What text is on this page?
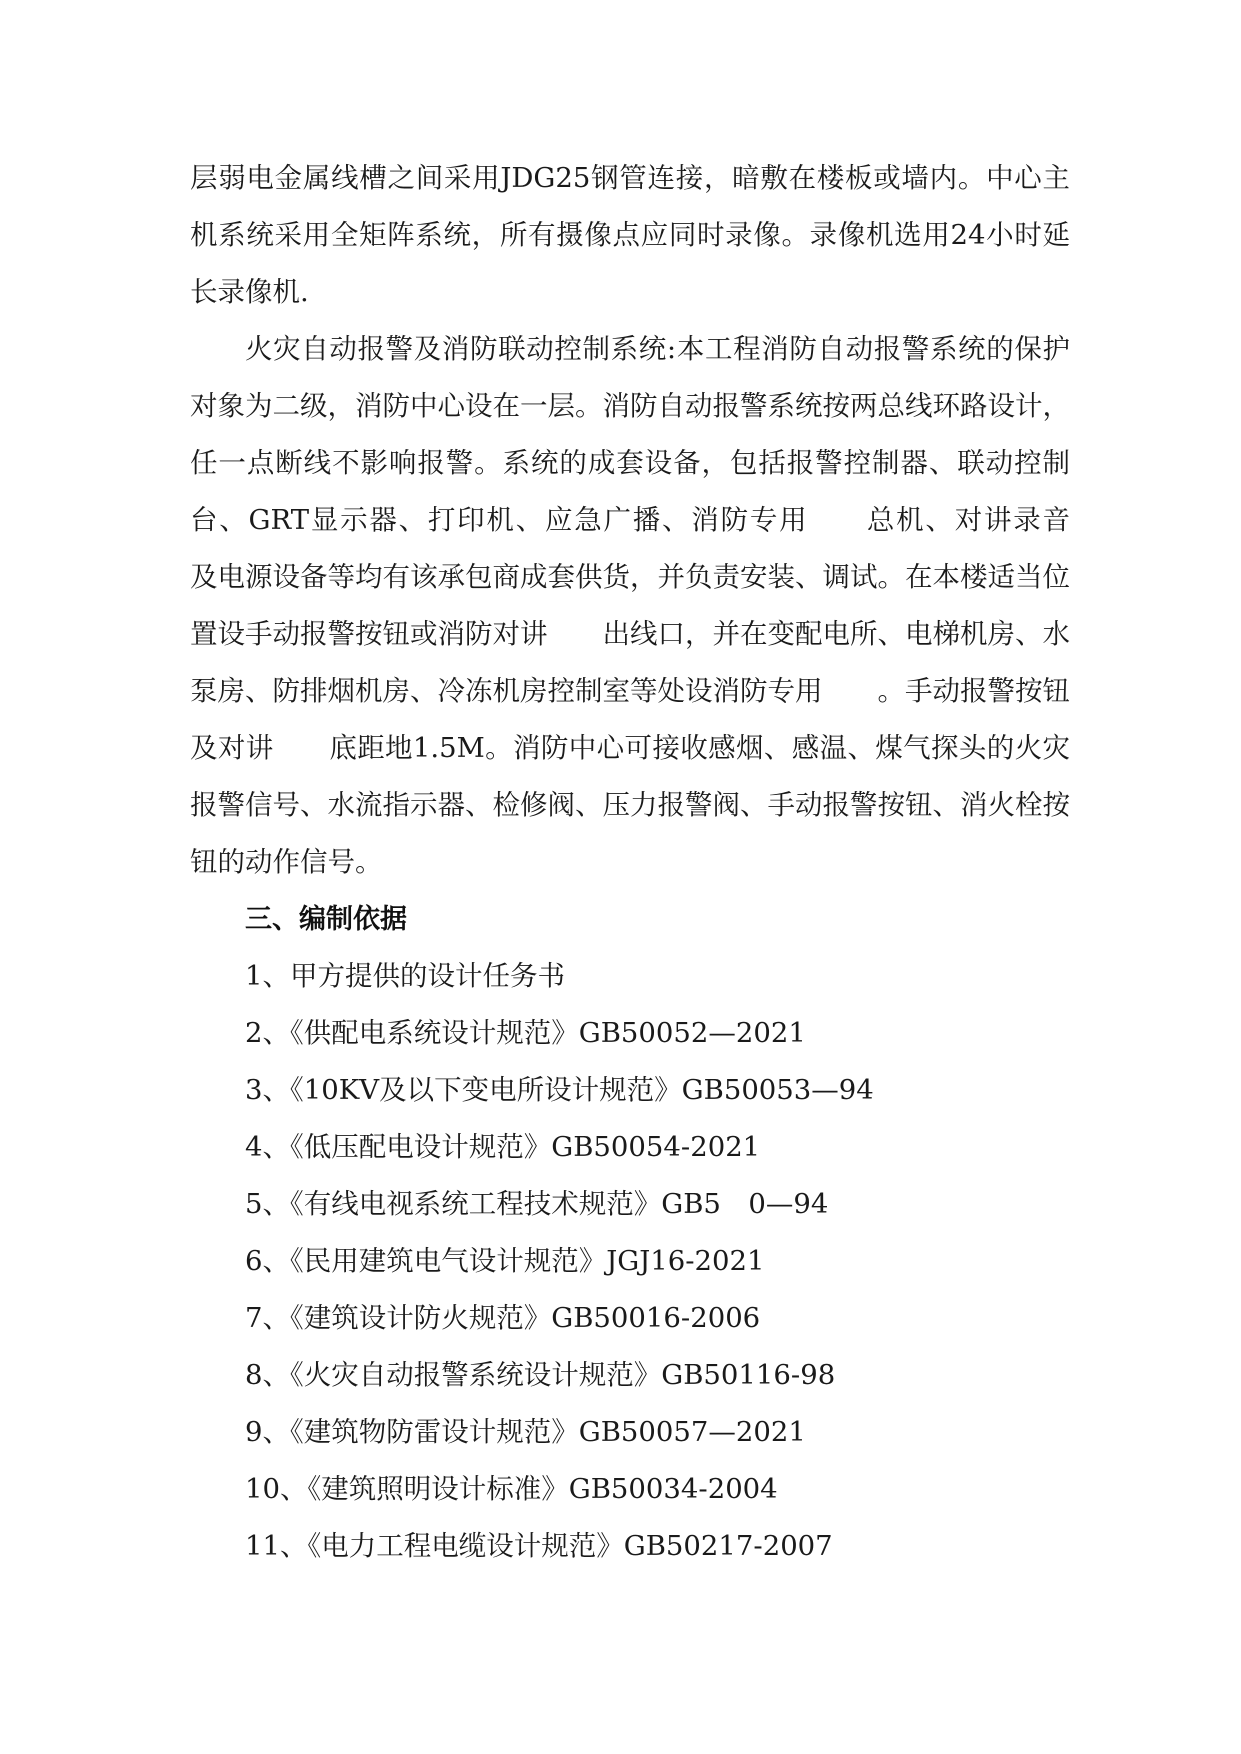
层弱电金属线槽之间采用JDG25钢管连接，暗敷在楼板或墙内。中心主机系统采用全矩阵系统，所有摄像点应同时录像。录像机选用24小时延长录像机.

火灾自动报警及消防联动控制系统:本工程消防自动报警系统的保护对象为二级，消防中心设在一层。消防自动报警系统按两总线环路设计，任一点断线不影响报警。系统的成套设备，包括报警控制器、联动控制台、GRT显示器、打印机、应急广播、消防专用　　总机、对讲录音　　及电源设备等均有该承包商成套供货，并负责安装、调试。在本楼适当位置设手动报警按钮或消防对讲　　出线口，并在变配电所、电梯机房、水泵房、防排烟机房、冷冻机房控制室等处设消防专用　　。手动报警按钮及对讲　　底距地1.5M。消防中心可接收感烟、感温、煤气探头的火灾报警信号、水流指示器、检修阀、压力报警阀、手动报警按钮、消火栓按钮的动作信号。

三、编制依据
1、甲方提供的设计任务书
2、《供配电系统设计规范》GB50052—2021
3、《10KV及以下变电所设计规范》GB50053—94
4、《低压配电设计规范》GB50054-2021
5、《有线电视系统工程技术规范》GB5　0—94
6、《民用建筑电气设计规范》JGJ16-2021
7、《建筑设计防火规范》GB50016-2006
8、《火灾自动报警系统设计规范》GB50116-98
9、《建筑物防雷设计规范》GB50057—2021
10、《建筑照明设计标准》GB50034-2004
11、《电力工程电缆设计规范》GB50217-2007
